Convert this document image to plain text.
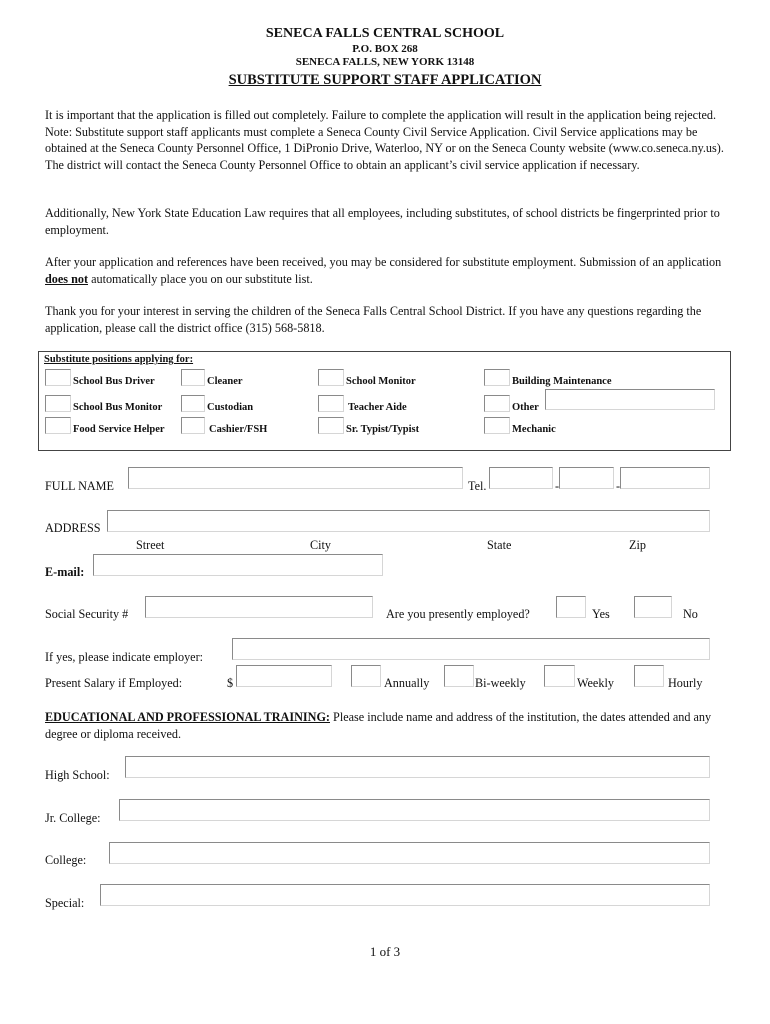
SENECA FALLS CENTRAL SCHOOL
P.O. BOX 268
SENECA FALLS, NEW YORK 13148
SUBSTITUTE SUPPORT STAFF APPLICATION
It is important that the application is filled out completely. Failure to complete the application will result in the application being rejected. Note: Substitute support staff applicants must complete a Seneca County Civil Service Application. Civil Service applications may be obtained at the Seneca County Personnel Office, 1 DiPronio Drive, Waterloo, NY or on the Seneca County website (www.co.seneca.ny.us). The district will contact the Seneca County Personnel Office to obtain an applicant’s civil service application if necessary.
Additionally, New York State Education Law requires that all employees, including substitutes, of school districts be fingerprinted prior to employment.
After your application and references have been received, you may be considered for substitute employment. Submission of an application does not automatically place you on our substitute list.
Thank you for your interest in serving the children of the Seneca Falls Central School District. If you have any questions regarding the application, please call the district office (315) 568-5818.
Substitute positions applying for:
School Bus Driver	Cleaner	School Monitor	Building Maintenance
School Bus Monitor	Custodian	Teacher Aide	Other
Food Service Helper	Cashier/FSH	Sr. Typist/Typist	Mechanic
FULL NAME	Tel.	-	-
ADDRESS
Street	City	State	Zip
E-mail:
Social Security #	Are you presently employed?	Yes	No
If yes, please indicate employer:
Present Salary if Employed:	$	Annually	Bi-weekly	Weekly	Hourly
EDUCATIONAL AND PROFESSIONAL TRAINING: Please include name and address of the institution, the dates attended and any degree or diploma received.
High School:
Jr. College:
College:
Special:
1 of 3
